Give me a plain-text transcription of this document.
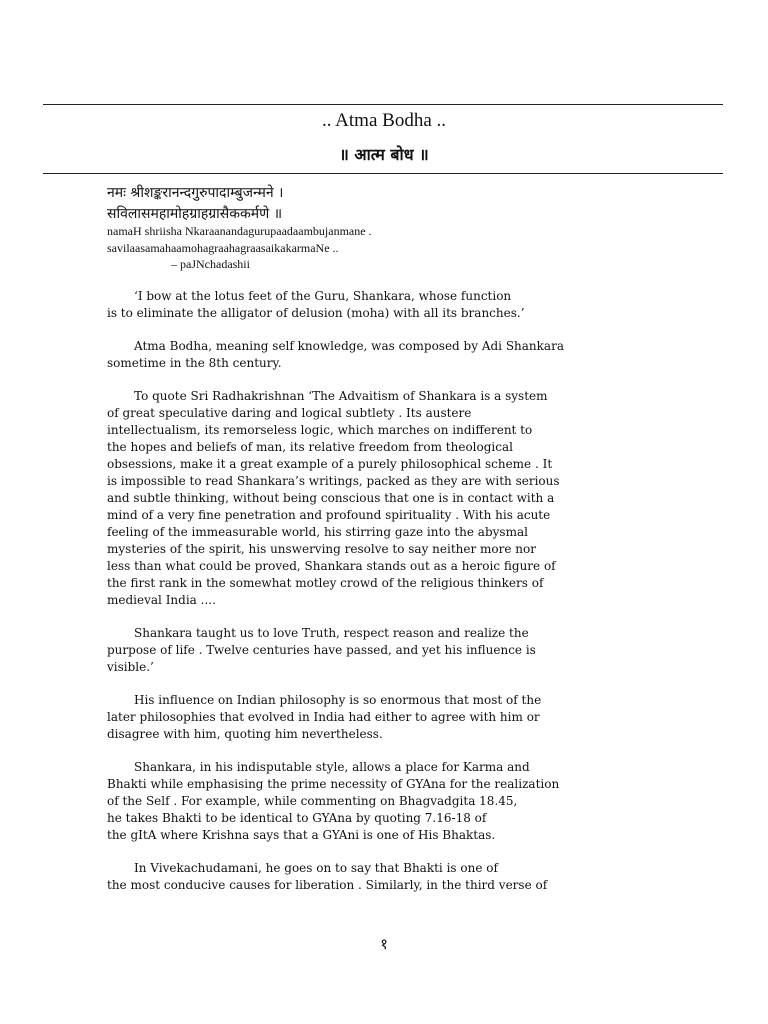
.. Atma Bodha ..
॥ आत्म बोध ॥
नमः श्रीशङ्करानन्दगुरुपादाम्बुजन्मने ।
सविलासमहामोहग्राहग्रासैककर्मणे ॥
namaH shriisha Nkaraanandagurupaadaambujanmane .
savilaasamahaamohagraahagraasaikakarmaNe ..
– paJNchadashii

‘I bow at the lotus feet of the Guru, Shankara, whose function
is to eliminate the alligator of delusion (moha) with all its branches.’

Atma Bodha, meaning self knowledge, was composed by Adi Shankara
sometime in the 8th century.

To quote Sri Radhakrishnan ‘The Advaitism of Shankara is a system
of great speculative daring and logical subtlety . Its austere
intellectualism, its remorseless logic, which marches on indifferent to
the hopes and beliefs of man, its relative freedom from theological
obsessions, make it a great example of a purely philosophical scheme . It
is impossible to read Shankara’s writings, packed as they are with serious
and subtle thinking, without being conscious that one is in contact with a
mind of a very fine penetration and profound spirituality . With his acute
feeling of the immeasurable world, his stirring gaze into the abysmal
mysteries of the spirit, his unswerving resolve to say neither more nor
less than what could be proved, Shankara stands out as a heroic figure of
the first rank in the somewhat motley crowd of the religious thinkers of
medieval India ....

Shankara taught us to love Truth, respect reason and realize the
purpose of life . Twelve centuries have passed, and yet his influence is
visible.’

His influence on Indian philosophy is so enormous that most of the
later philosophies that evolved in India had either to agree with him or
disagree with him, quoting him nevertheless.

Shankara, in his indisputable style, allows a place for Karma and
Bhakti while emphasising the prime necessity of GYAna for the realization
of the Self . For example, while commenting on Bhagvadgita 18.45,
he takes Bhakti to be identical to GYAna by quoting 7.16-18 of
the gItA where Krishna says that a GYAni is one of His Bhaktas.

In Vivekachudamani, he goes on to say that Bhakti is one of
the most conducive causes for liberation . Similarly, in the third verse of

१
